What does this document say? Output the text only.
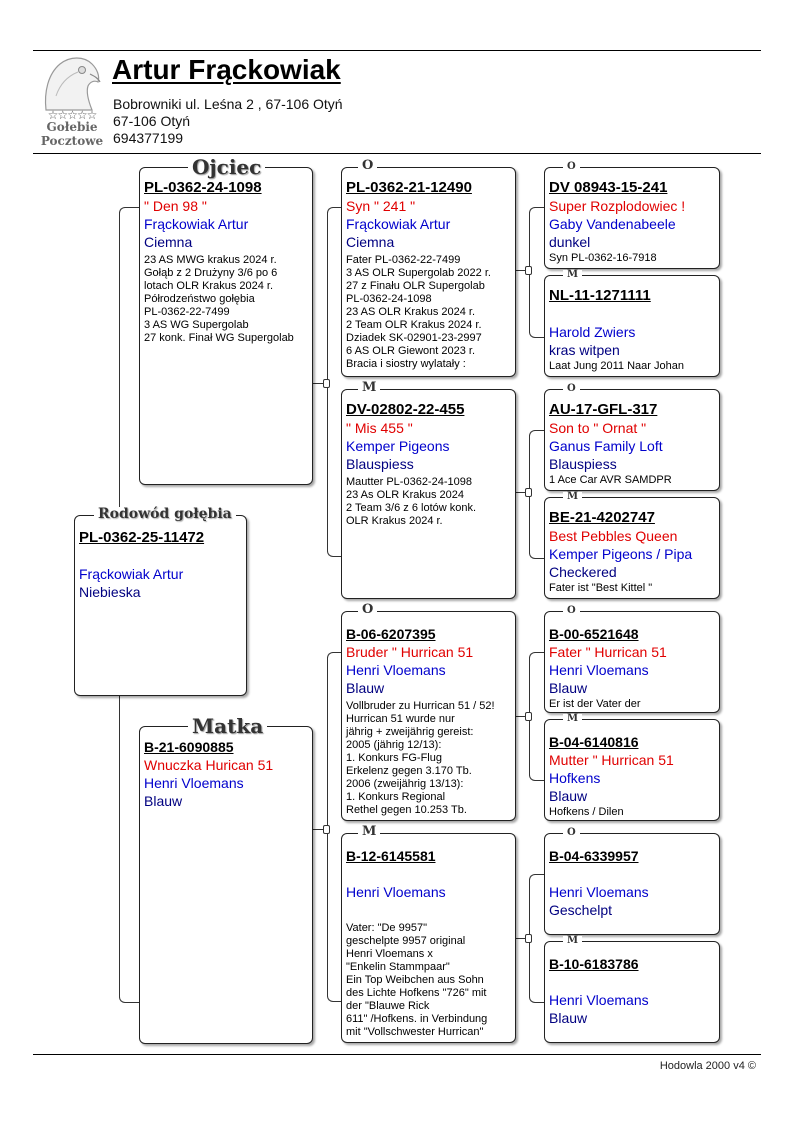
☆☆☆☆☆
Gołebie
Pocztowe
Artur Frąckowiak
Bobrowniki ul. Leśna 2 , 67-106 Otyń
67-106 Otyń
694377199
PL-0362-25-11472
Frąckowiak Artur
Niebieska
Rodowód gołębia
PL-0362-24-1098
" Den 98 "
Frąckowiak Artur
Ciemna
23 AS MWG krakus 2024 r.
Gołąb z 2 Drużyny 3/6 po 6
lotach OLR Krakus 2024 r.
Półrodzeństwo gołębia
PL-0362-22-7499
3 AS WG Supergolab
27 konk. Finał WG Supergolab
Ojciec
B-21-6090885
Wnuczka Hurican 51
Henri Vloemans
Blauw
Matka
PL-0362-21-12490
Syn " 241 "
Frąckowiak Artur
Ciemna
Fater PL-0362-22-7499
3 AS OLR Supergolab 2022 r.
27 z Finału OLR Supergolab
PL-0362-24-1098
23 AS OLR Krakus 2024 r.
2 Team OLR Krakus 2024 r.
Dziadek SK-02901-23-2997
6 AS OLR Giewont 2023 r.
Bracia i siostry wylatały :
O
DV-02802-22-455
" Mis 455 "
Kemper Pigeons
Blauspiess
Mautter PL-0362-24-1098
23 As OLR Krakus 2024
2 Team 3/6 z 6 lotów konk.
OLR Krakus 2024 r.
M
B-06-6207395
Bruder " Hurrican 51
Henri Vloemans
Blauw
Vollbruder zu Hurrican 51 / 52!
Hurrican 51 wurde nur
jährig + zweijährig gereist:
2005 (jährig 12/13):
1. Konkurs FG-Flug
Erkelenz gegen 3.170 Tb.
2006 (zweijährig 13/13):
1. Konkurs Regional
Rethel gegen 10.253 Tb.
O
B-12-6145581
Henri Vloemans
Vater: "De 9957"
geschelpte 9957 original
Henri Vloemans x
"Enkelin Stammpaar"
Ein Top Weibchen aus Sohn
des Lichte Hofkens "726" mit
der "Blauwe Rick
611" /Hofkens. in Verbindung
mit "Vollschwester Hurrican"
M
DV 08943-15-241
Super Rozplodowiec !
Gaby Vandenabeele
dunkel
Syn PL-0362-16-7918
O
NL-11-1271111
Harold Zwiers
kras witpen
Laat Jung 2011 Naar Johan
M
AU-17-GFL-317
Son to " Ornat "
Ganus Family Loft
Blauspiess
1 Ace Car AVR SAMDPR
O
BE-21-4202747
Best Pebbles Queen
Kemper Pigeons / Pipa
Checkered
Fater ist "Best Kittel "
M
B-00-6521648
Fater " Hurrican 51
Henri Vloemans
Blauw
Er ist der Vater der
O
B-04-6140816
Mutter " Hurrican 51
Hofkens
Blauw
Hofkens / Dilen
M
B-04-6339957
Henri Vloemans
Geschelpt
O
B-10-6183786
Henri Vloemans
Blauw
M
Hodowla 2000 v4 ©
